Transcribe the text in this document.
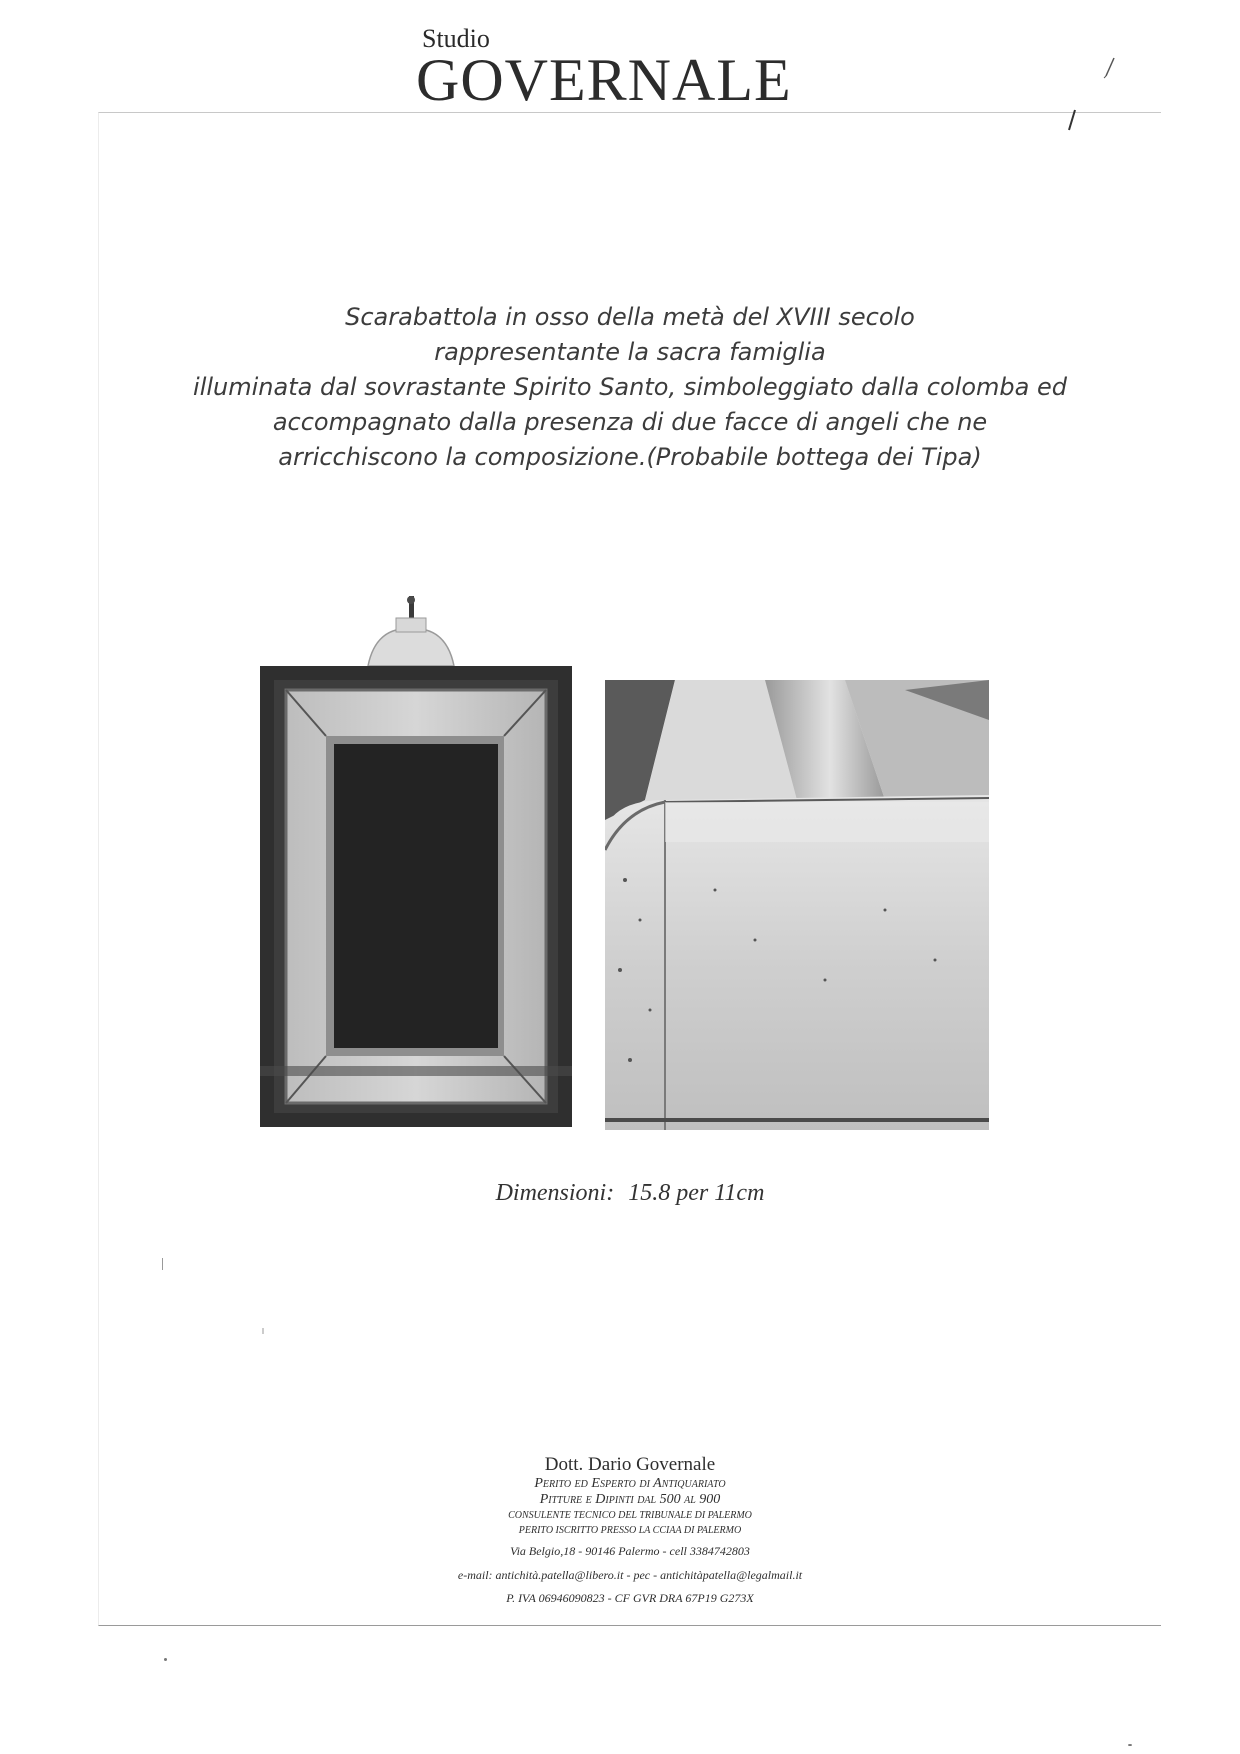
Studio
GOVERNALE
Scarabattola in osso della metà del XVIII secolo
rappresentante la sacra famiglia
illuminata dal sovrastante Spirito Santo, simboleggiato dalla colomba ed
accompagnato dalla presenza di due facce di angeli che ne
arricchiscono la composizione.(Probabile bottega dei Tipa)
Dimensioni: 15.8 per 11cm
Dott. Dario Governale
Perito ed Esperto di Antiquariato
Pitture e Dipinti dal 500 al 900
CONSULENTE TECNICO DEL TRIBUNALE DI PALERMO
PERITO ISCRITTO PRESSO LA CCIAA DI PALERMO
Via Belgio,18 - 90146 Palermo - cell 3384742803
e-mail: antichità.patella@libero.it - pec - antichitàpatella@legalmail.it
P. IVA 06946090823 - CF GVR DRA 67P19 G273X
